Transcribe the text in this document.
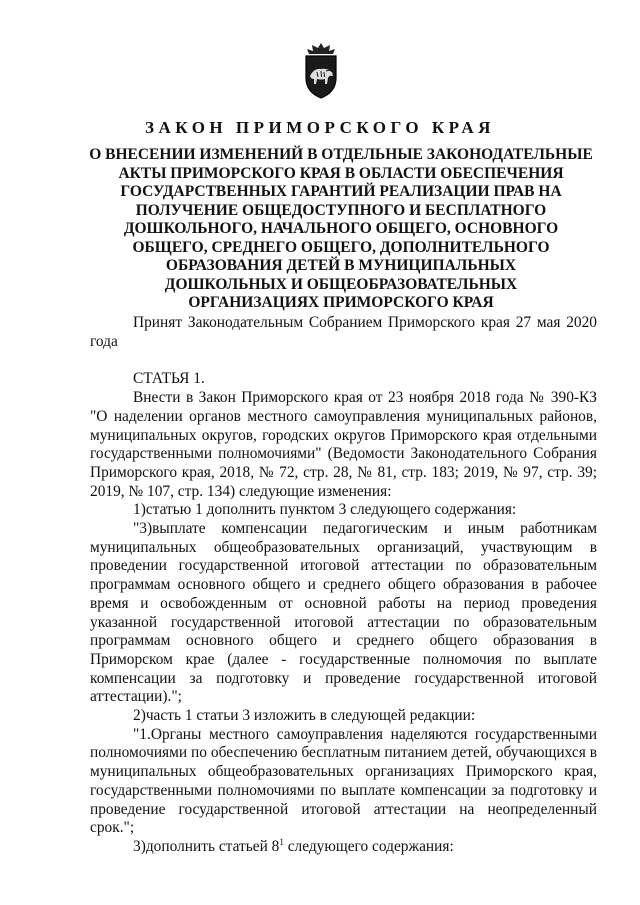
ЗАКОН ПРИМОРСКОГО КРАЯ
О ВНЕСЕНИИ ИЗМЕНЕНИЙ В ОТДЕЛЬНЫЕ ЗАКОНОДАТЕЛЬНЫЕ
АКТЫ ПРИМОРСКОГО КРАЯ В ОБЛАСТИ ОБЕСПЕЧЕНИЯ
ГОСУДАРСТВЕННЫХ ГАРАНТИЙ РЕАЛИЗАЦИИ ПРАВ НА
ПОЛУЧЕНИЕ ОБЩЕДОСТУПНОГО И БЕСПЛАТНОГО
ДОШКОЛЬНОГО, НАЧАЛЬНОГО ОБЩЕГО, ОСНОВНОГО
ОБЩЕГО, СРЕДНЕГО ОБЩЕГО, ДОПОЛНИТЕЛЬНОГО
ОБРАЗОВАНИЯ ДЕТЕЙ В МУНИЦИПАЛЬНЫХ
ДОШКОЛЬНЫХ И ОБЩЕОБРАЗОВАТЕЛЬНЫХ
ОРГАНИЗАЦИЯХ ПРИМОРСКОГО КРАЯ

Принят Законодательным Собранием Приморского края 27 мая 2020 года

СТАТЬЯ 1.

Внести в Закон Приморского края от 23 ноября 2018 года № 390-КЗ "О наделении органов местного самоуправления муниципальных районов, муниципальных округов, городских округов Приморского края отдельными государственными полномочиями" (Ведомости Законодательного Собрания Приморского края, 2018, № 72, стр. 28, № 81, стр. 183; 2019, № 97, стр. 39; 2019, № 107, стр. 134) следующие изменения:

1)статью 1 дополнить пунктом 3 следующего содержания:

"3)выплате компенсации педагогическим и иным работникам муниципальных общеобразовательных организаций, участвующим в проведении государственной итоговой аттестации по образовательным программам основного общего и среднего общего образования в рабочее время и освобожденным от основной работы на период проведения указанной государственной итоговой аттестации по образовательным программам основного общего и среднего общего образования в Приморском крае (далее - государственные полномочия по выплате компенсации за подготовку и проведение государственной итоговой аттестации).";

2)часть 1 статьи 3 изложить в следующей редакции:

"1.Органы местного самоуправления наделяются государственными полномочиями по обеспечению бесплатным питанием детей, обучающихся в муниципальных общеобразовательных организациях Приморского края, государственными полномочиями по выплате компенсации за подготовку и проведение государственной итоговой аттестации на неопределенный срок.";

3)дополнить статьей $8^1$ следующего содержания:
